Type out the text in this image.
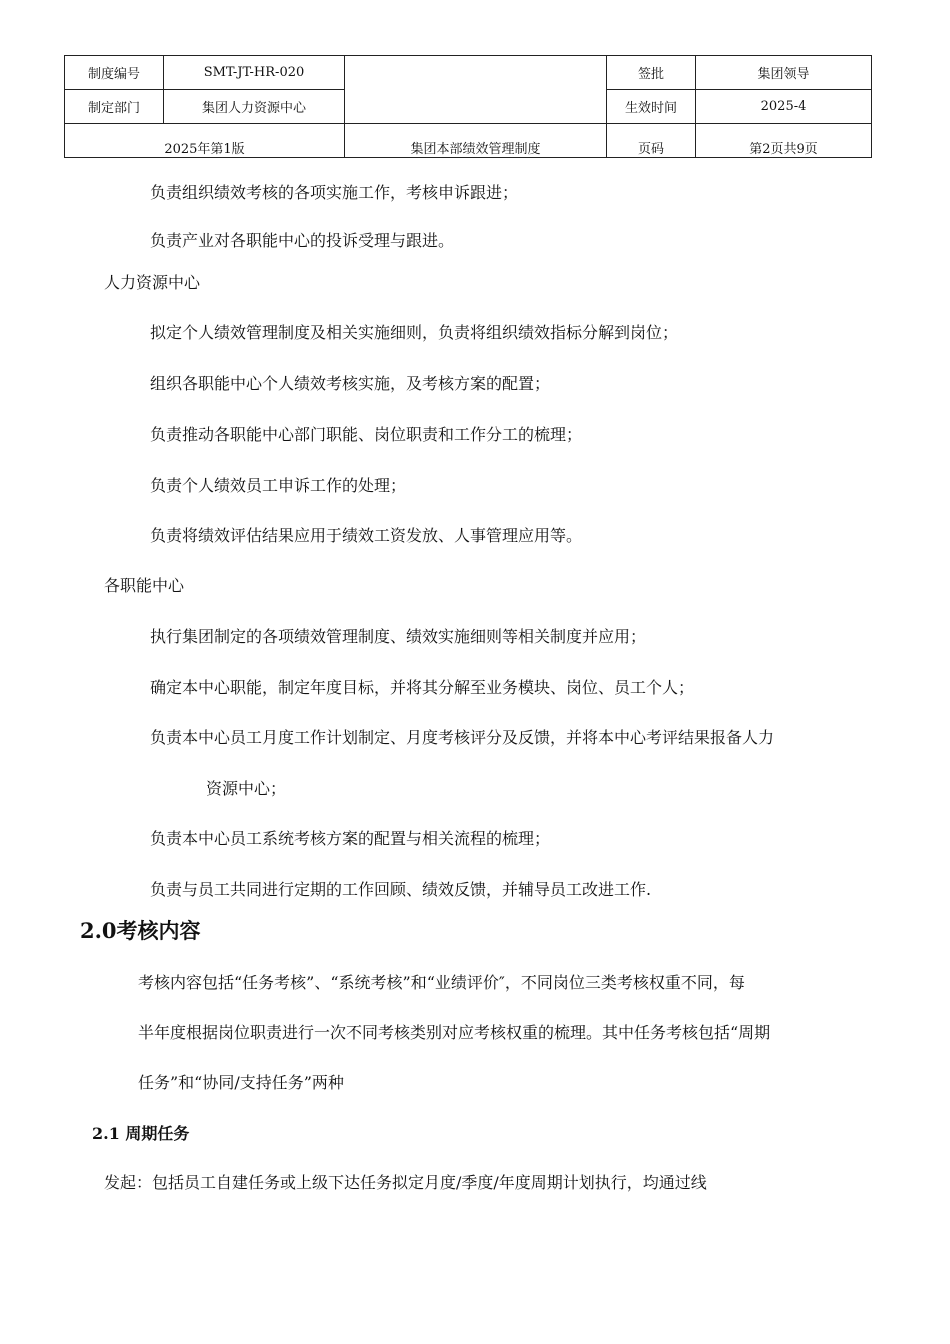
制度编号	SMT-JT-HR-020		签批	集团领导
制定部门	集团人力资源中心		生效时间	2025-4
2025年第1版		集团本部绩效管理制度	页码	第2页共9页

负责组织绩效考核的各项实施工作，考核申诉跟进；

负责产业对各职能中心的投诉受理与跟进。

人力资源中心

拟定个人绩效管理制度及相关实施细则，负责将组织绩效指标分解到岗位；

组织各职能中心个人绩效考核实施，及考核方案的配置；

负责推动各职能中心部门职能、岗位职责和工作分工的梳理；

负责个人绩效员工申诉工作的处理；

负责将绩效评估结果应用于绩效工资发放、人事管理应用等。

各职能中心

执行集团制定的各项绩效管理制度、绩效实施细则等相关制度并应用；

确定本中心职能，制定年度目标，并将其分解至业务模块、岗位、员工个人；

负责本中心员工月度工作计划制定、月度考核评分及反馈，并将本中心考评结果报备人力

资源中心；

负责本中心员工系统考核方案的配置与相关流程的梳理；

负责与员工共同进行定期的工作回顾、绩效反馈，并辅导员工改进工作.

2.0考核内容

考核内容包括“任务考核”、“系统考核”和“业绩评价″，不同岗位三类考核权重不同，每

半年度根据岗位职责进行一次不同考核类别对应考核权重的梳理。其中任务考核包括“周期

任务”和“协同/支持任务”两种

2.1 周期任务

发起：包括员工自建任务或上级下达任务拟定月度/季度/年度周期计划执行，均通过线
